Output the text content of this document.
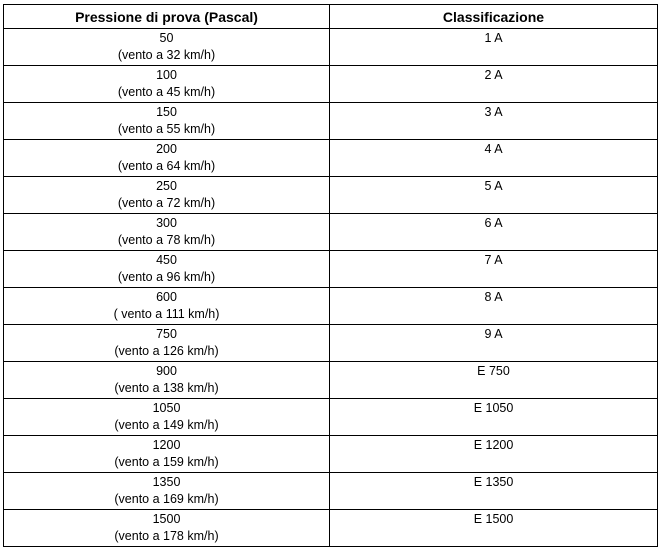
Pressione di prova (Pascal)	Classificazione

50
(vento a 32 km/h)	1 A

100
(vento a 45 km/h)	2 A

150
(vento a 55 km/h)	3 A

200
(vento a 64 km/h)	4 A

250
(vento a 72 km/h)	5 A

300
(vento a 78 km/h)	6 A

450
(vento a 96 km/h)	7 A

600
( vento a 111 km/h)	8 A

750
(vento a 126 km/h)	9 A

900
(vento a 138 km/h)	E 750

1050
(vento a 149 km/h)	E 1050

1200
(vento a 159 km/h)	E 1200

1350
(vento a 169 km/h)	E 1350

1500
(vento a 178 km/h)	E 1500
